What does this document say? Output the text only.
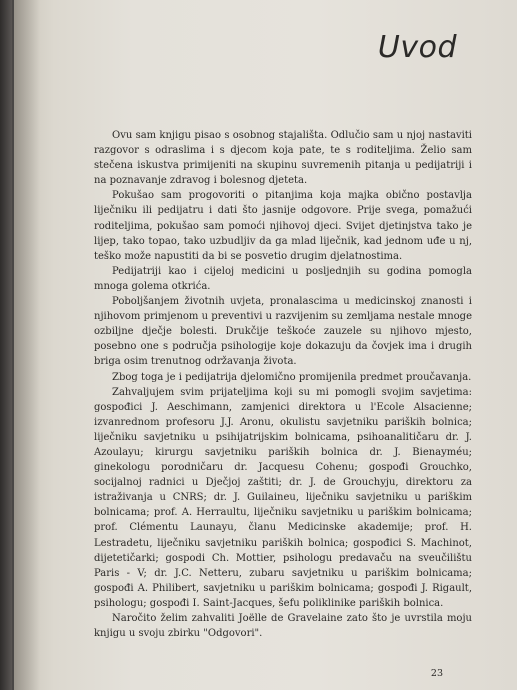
Uvod

Ovu sam knjigu pisao s osobnog stajališta. Odlučio sam u njoj nastaviti razgovor s odraslima i s djecom koja pate, te s roditeljima. Želio sam stečena iskustva primijeniti na skupinu suvremenih pitanja u pedijatriji i na poznavanje zdravog i bolesnog djeteta.

Pokušao sam progovoriti o pitanjima koja majka obično postavlja liječniku ili pedijatru i dati što jasnije odgovore. Prije svega, pomažući roditeljima, pokušao sam pomoći njihovoj djeci. Svijet djetinjstva tako je lijep, tako topao, tako uzbudljiv da ga mlad liječnik, kad jednom uđe u nj, teško može napustiti da bi se posvetio drugim djelatnostima.

Pedijatriji kao i cijeloj medicini u posljednjih su godina pomogla mnoga golema otkrića.

Poboljšanjem životnih uvjeta, pronalascima u medicinskoj znanosti i njihovom primjenom u preventivi u razvijenim su zemljama nestale mnoge ozbiljne dječje bolesti. Drukčije teškoće zauzele su njihovo mjesto, posebno one s područja psihologije koje dokazuju da čovjek ima i drugih briga osim trenutnog održavanja života.

Zbog toga je i pedijatrija djelomično promijenila predmet proučavanja.

Zahvaljujem svim prijateljima koji su mi pomogli svojim savjetima: gospođici J. Aeschimann, zamjenici direktora u l'Ecole Alsacienne; izvanrednom profesoru J.J. Aronu, okulistu savjetniku pariških bolnica; liječniku savjetniku u psihijatrijskim bolnicama, psihoanalitičaru dr. J. Azoulayu; kirurgu savjetniku pariških bolnica dr. J. Bienayméu; ginekologu porodničaru dr. Jacquesu Cohenu; gospođi Grouchko, socijalnoj radnici u Dječjoj zaštiti; dr. J. de Grouchyju, direktoru za istraživanja u CNRS; dr. J. Guilaineu, liječniku savjetniku u pariškim bolnicama; prof. A. Herraultu, liječniku savjetniku u pariškim bolnicama; prof. Clémentu Launayu, članu Medicinske akademije; prof. H. Lestradetu, liječniku savjetniku pariških bolnica; gospođici S. Machinot, dijetetičarki; gospodi Ch. Mottier, psihologu predavaču na sveučilištu Paris - V; dr. J.C. Netteru, zubaru savjetniku u pariškim bolnicama; gospođi A. Philibert, savjetniku u pariškim bolnicama; gospođi J. Rigault, psihologu; gospođi I. Saint-Jacques, šefu poliklinike pariških bolnica.

Naročito želim zahvaliti Joëlle de Gravelaine zato što je uvrstila moju knjigu u svoju zbirku "Odgovori".

23
